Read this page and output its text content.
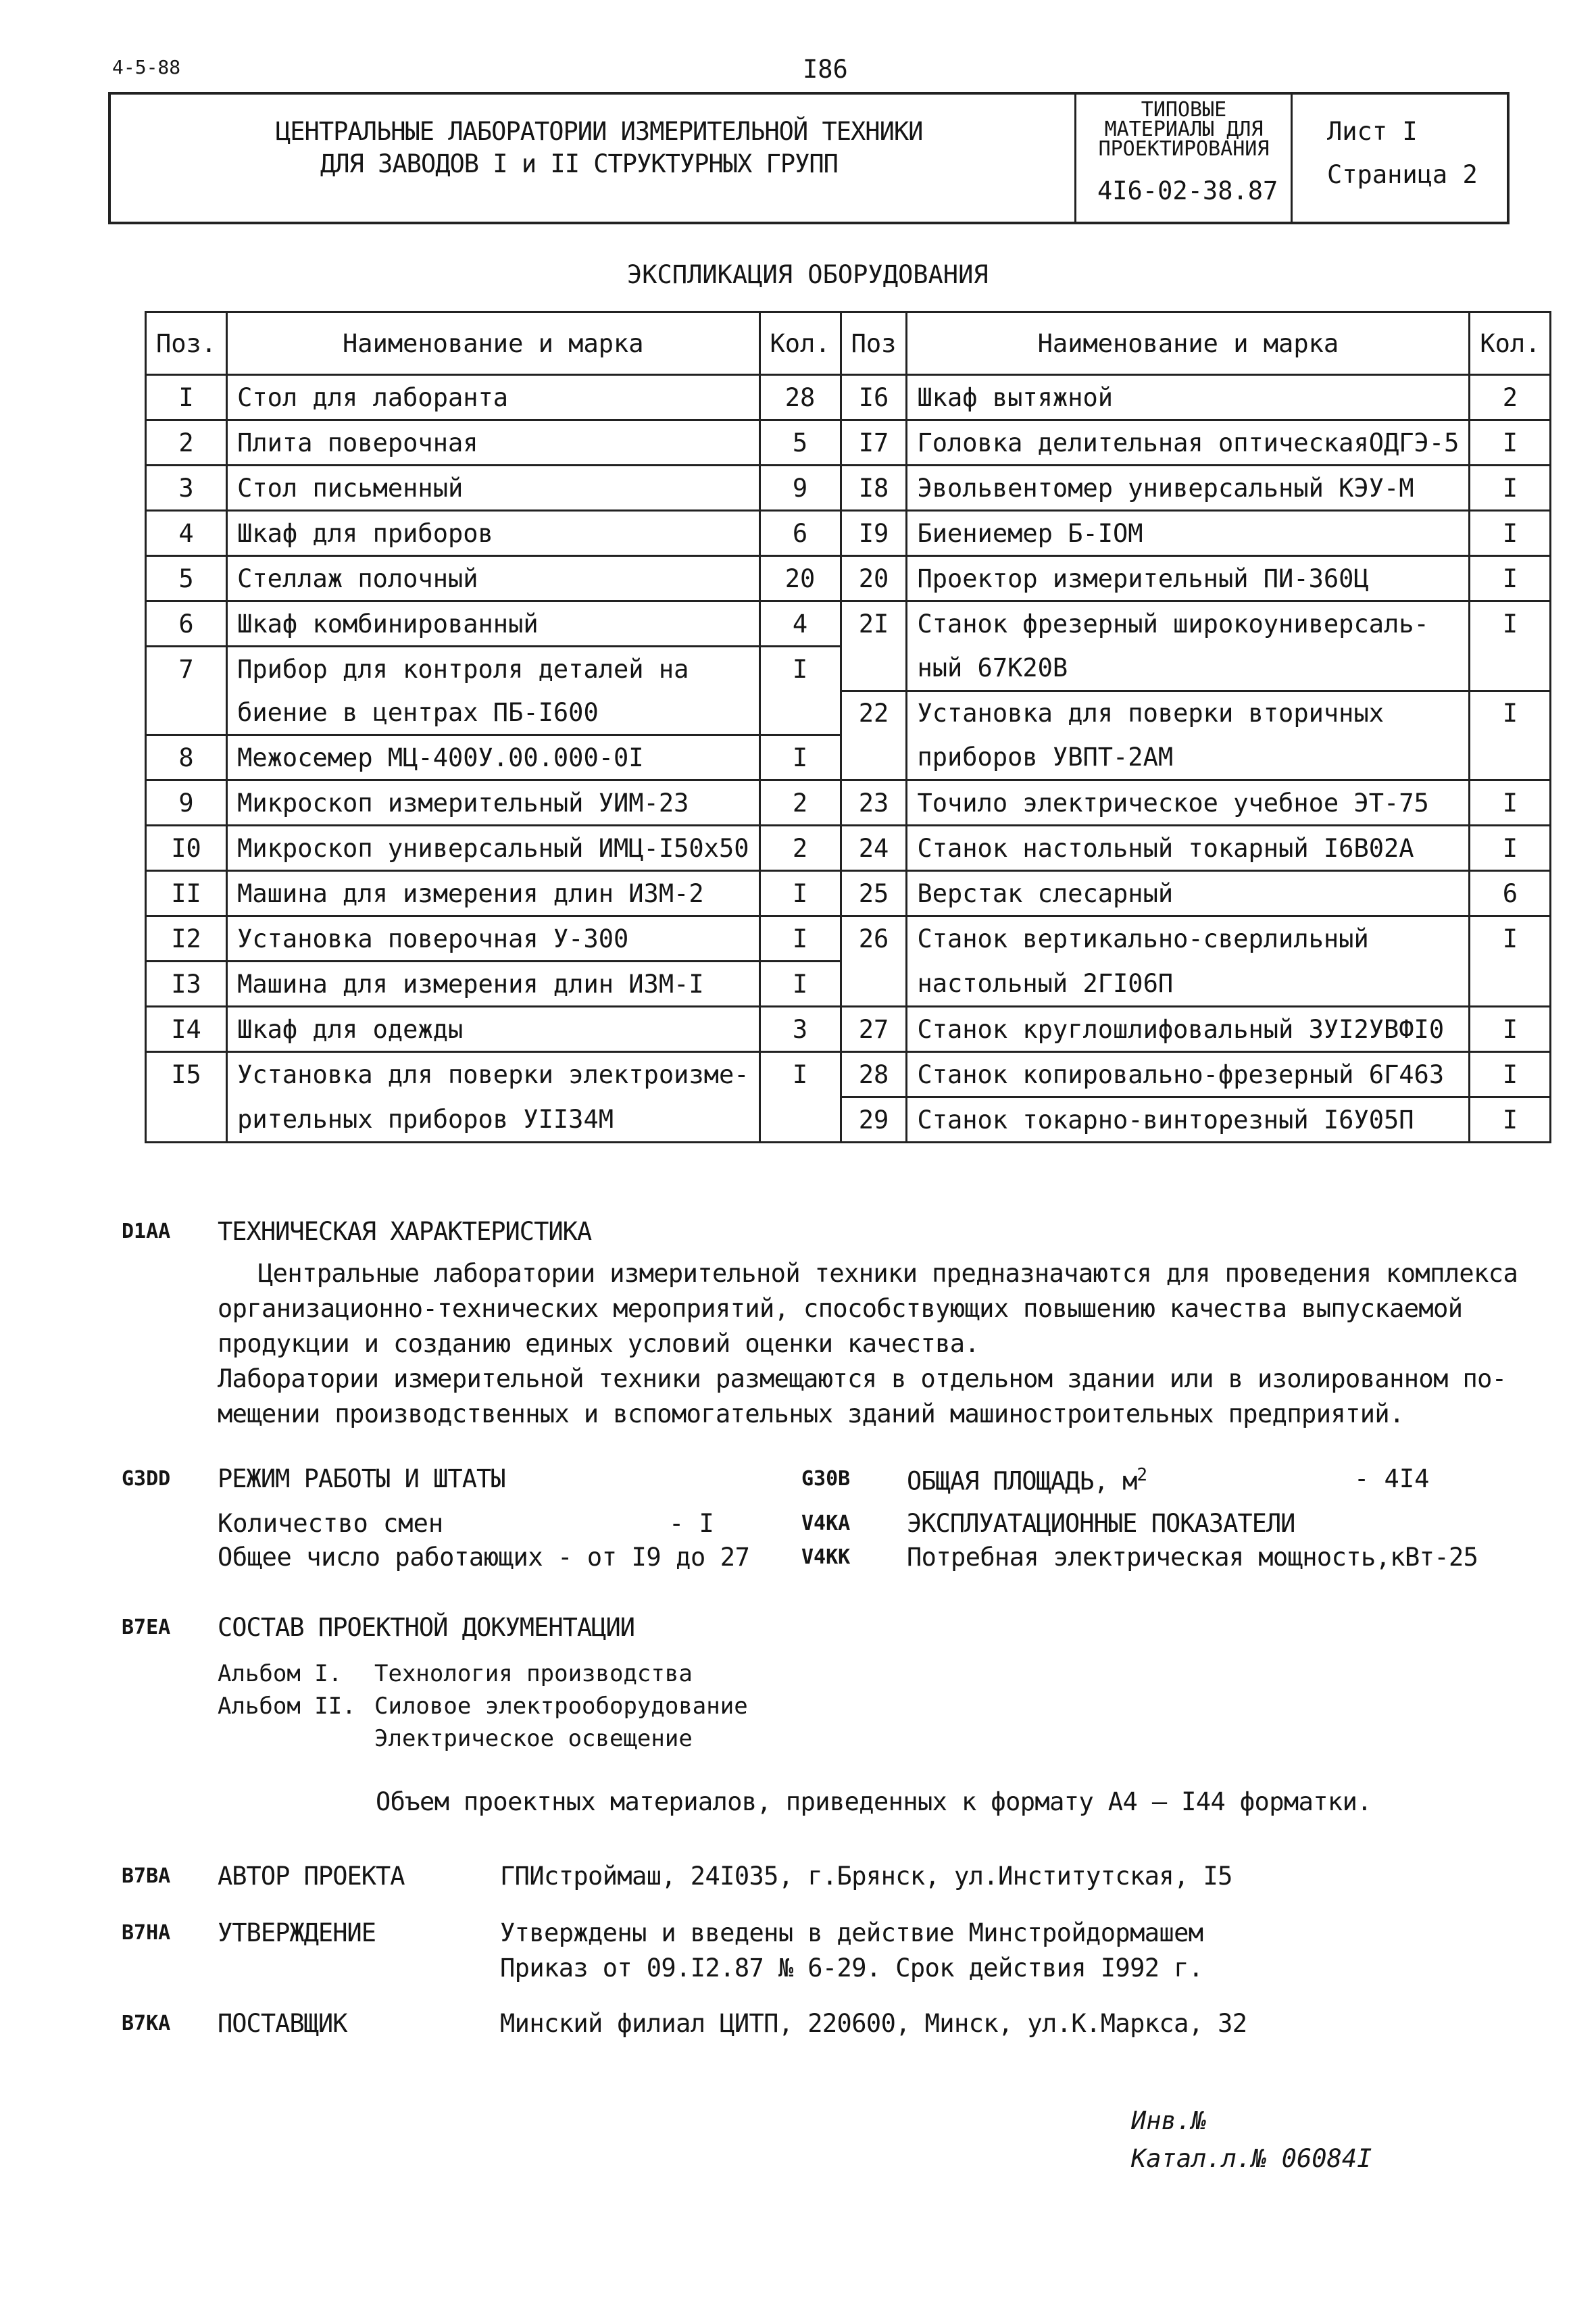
4-5-88	I86
ЦЕНТРАЛЬНЫЕ ЛАБОРАТОРИИ ИЗМЕРИТЕЛЬНОЙ ТЕХНИКИ
ДЛЯ ЗАВОДОВ I и II СТРУКТУРНЫХ ГРУПП
ТИПОВЫЕ
МАТЕРИАЛЫ ДЛЯ
ПРОЕКТИРОВАНИЯ
4I6-02-38.87
Лист I
Страница 2
ЭКСПЛИКАЦИЯ ОБОРУДОВАНИЯ
Поз.	Наименование и марка	Кол.	Поз	Наименование и марка	Кол.
I	Стол для лаборанта	28	I6	Шкаф вытяжной	2
2	Плита поверочная	5	I7	Головка делительная оптическаяОДГЭ-5	I
3	Стол письменный	9	I8	Эвольвентомер универсальный КЭУ-М	I
4	Шкаф для приборов	6	I9	Биениемер Б-IOM	I
5	Стеллаж полочный	20	20	Проектор измерительный ПИ-360Ц	I
6	Шкаф комбинированный	4	2I	Станок фрезерный широкоуниверсаль-	I
7	Прибор для контроля деталей на	I		ный 67К20В	
	биение в центрах ПБ-I600		22	Установка для поверки вторичных	I
8	Межосемер МЦ-400У.00.000-0I	I		приборов УВПТ-2АМ	
9	Микроскоп измерительный УИМ-23	2	23	Точило электрическое учебное ЭТ-75	I
I0	Микроскоп универсальный ИМЦ-I50x50	2	24	Станок настольный токарный I6В02А	I
II	Машина для измерения длин ИЗМ-2	I	25	Верстак слесарный	6
I2	Установка поверочная У-300	I	26	Станок вертикально-сверлильный	I
I3	Машина для измерения длин ИЗМ-I	I		настольный 2ГI06П	
I4	Шкаф для одежды	3	27	Станок круглошлифовальный 3УI2УВФI0	I
I5	Установка для поверки электроизме-	I	28	Станок копировально-фрезерный 6Г463	I
	рительных приборов УII34М		29	Станок токарно-винторезный I6У05П	I
D1AA ТЕХНИЧЕСКАЯ ХАРАКТЕРИСТИКА
Центральные лаборатории измерительной техники предназначаются для проведения комплекса
организационно-технических мероприятий, способствующих повышению качества выпускаемой
продукции и созданию единых условий оценки качества.
Лаборатории измерительной техники размещаются в отдельном здании или в изолированном по-
мещении производственных и вспомогательных зданий машиностроительных предприятий.
G3DD РЕЖИМ РАБОТЫ И ШТАТЫ
Количество смен	- I
Общее число работающих - от I9 до 27
G30B ОБЩАЯ ПЛОЩАДЬ, $м^2$	- 4I4
V4KA ЭКСПЛУАТАЦИОННЫЕ ПОКАЗАТЕЛИ
V4KK Потребная электрическая мощность,кВт-25
B7EA СОСТАВ ПРОЕКТНОЙ ДОКУМЕНТАЦИИ
Альбом I. Технология производства
Альбом II. Силовое электрооборудование
Электрическое освещение
Объем проектных материалов, приведенных к формату А4 — I44 форматки.
B7BA АВТОР ПРОЕКТА	ГПИстроймаш, 24I035, г.Брянск, ул.Институтская, I5
B7HA УТВЕРЖДЕНИЕ	Утверждены и введены в действие Минстройдормашем
Приказ от 09.I2.87 № 6-29. Срок действия I992 г.
B7KA ПОСТАВЩИК	Минский филиал ЦИТП, 220600, Минск, ул.К.Маркса, 32
Инв.№
Катал.л.№ 06084I
